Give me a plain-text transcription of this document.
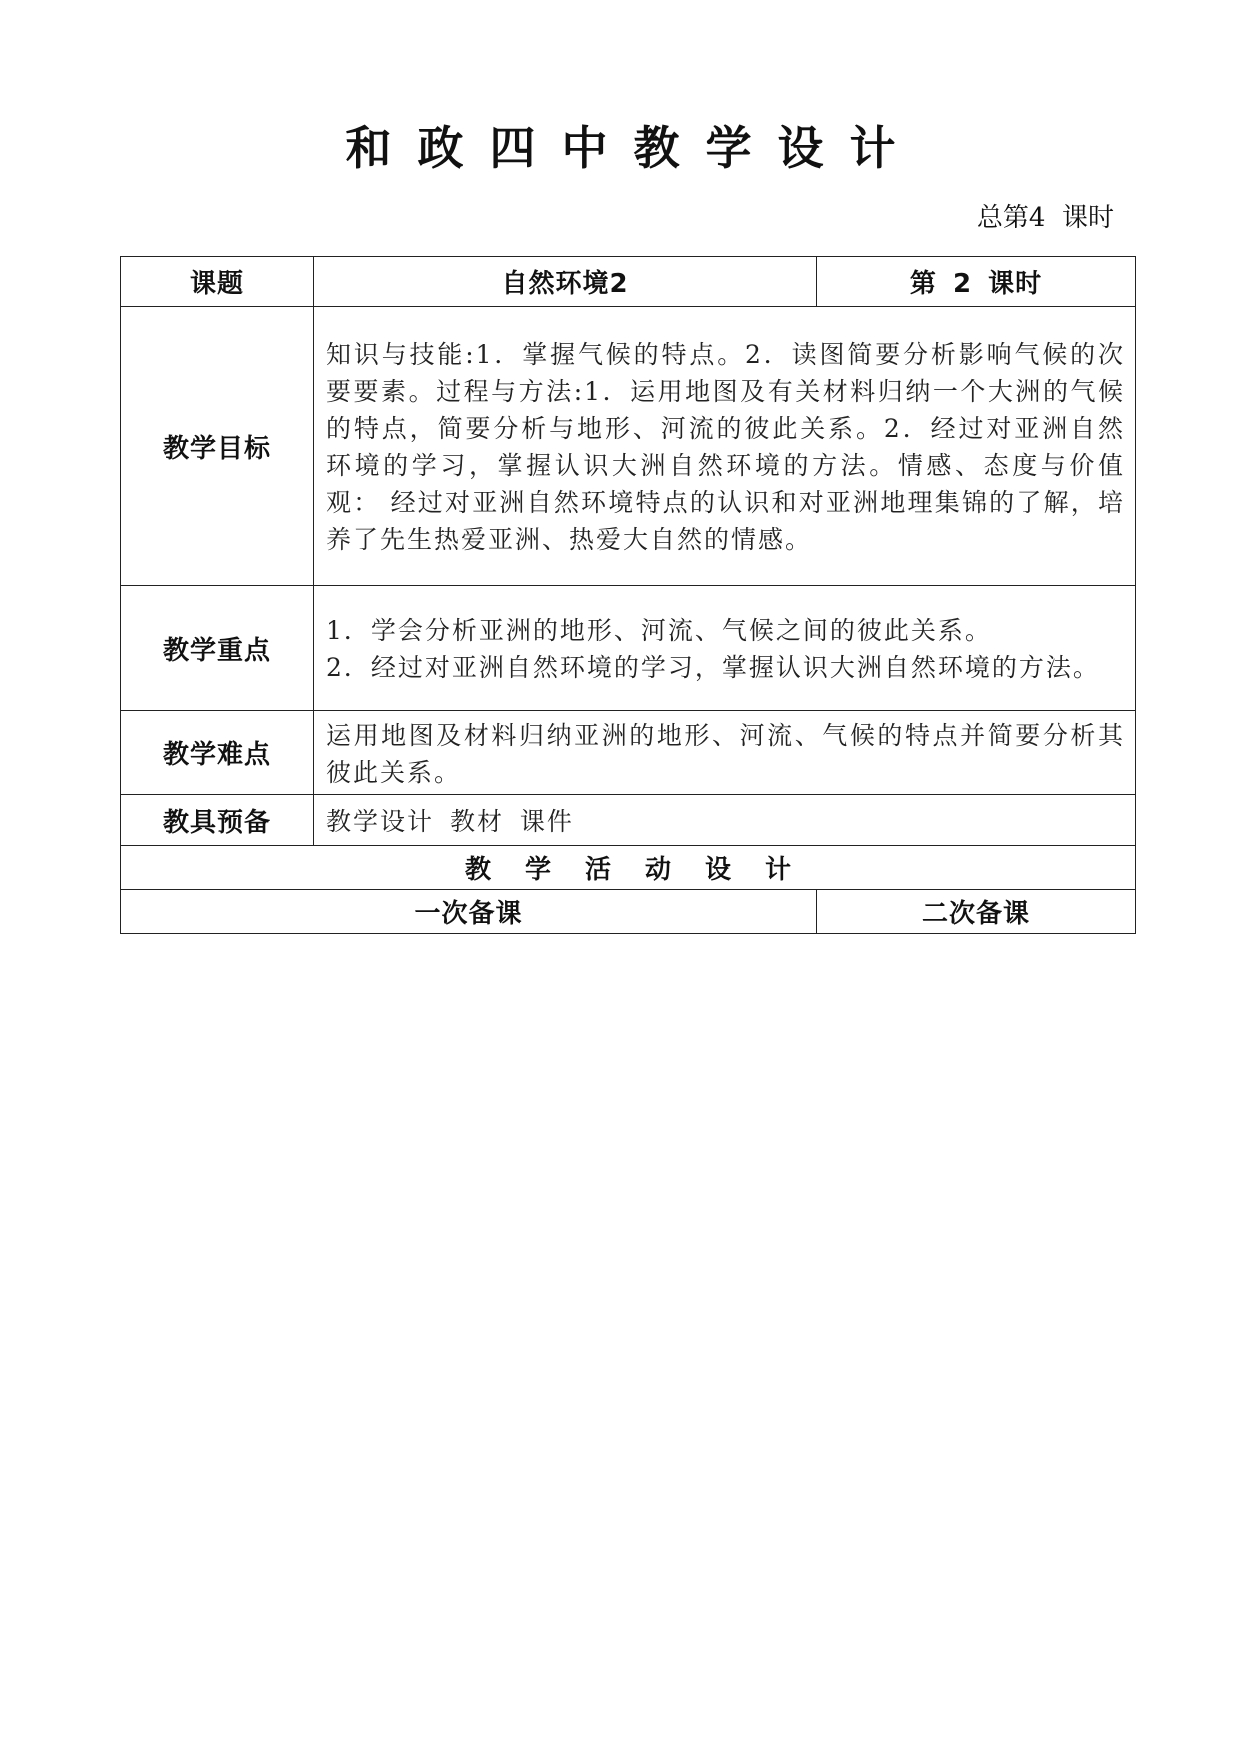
和政四中教学设计
总第4  课时
课题	自然环境2	第 2 课时
教学目标	知识与技能:1．掌握气候的特点。2．读图简要分析影响气候的次要要素。过程与方法:1．运用地图及有关材料归纳一个大洲的气候的特点，简要分析与地形、河流的彼此关系。2．经过对亚洲自然环境的学习，掌握认识大洲自然环境的方法。情感、态度与价值观： 经过对亚洲自然环境特点的认识和对亚洲地理集锦的了解，培养了先生热爱亚洲、热爱大自然的情感。	
教学重点	1．学会分析亚洲的地形、河流、气候之间的彼此关系。
2．经过对亚洲自然环境的学习，掌握认识大洲自然环境的方法。	

教学难点	运用地图及材料归纳亚洲的地形、河流、气候的特点并简要分析其彼此关系。	
教具预备	教学设计 教材 课件	
教学活动设计		
一次备课		二次备课
